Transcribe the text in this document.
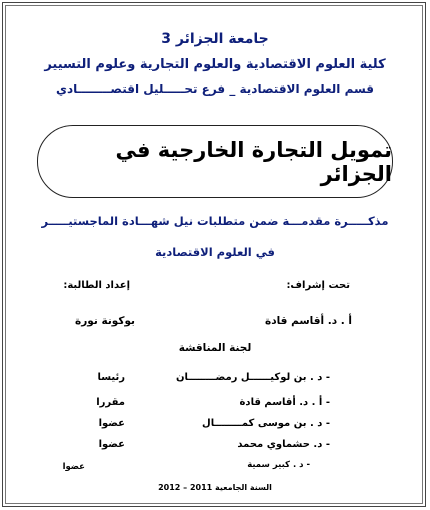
جامعة الجزائر 3
كلية العلوم الاقتصادية والعلوم التجارية وعلوم التسيير
قسم العلوم الاقتصادية _ فرع تحـــــليل اقتصــــــــادي
تمويل التجارة الخارجية في الجزائر
مذكـــــرة مقدمـــة ضمن متطلبات نيل شهـــادة الماجستيـــــر
في العلوم الاقتصادية
تحت إشراف:
إعداد الطالبة:
أ . د. أقاسم قادة
بوكونة نورة
لجنة المناقشة
- د . بن لوكيــــــل رمضــــــــان
رئيسا
- أ . د. أقاسم قادة
مقررا
- د . بن موسى كمــــــــال
عضوا
- د. حشماوي محمد
عضوا
- د . كبير سمية
عضوا
السنة الجامعية 2011 – 2012
